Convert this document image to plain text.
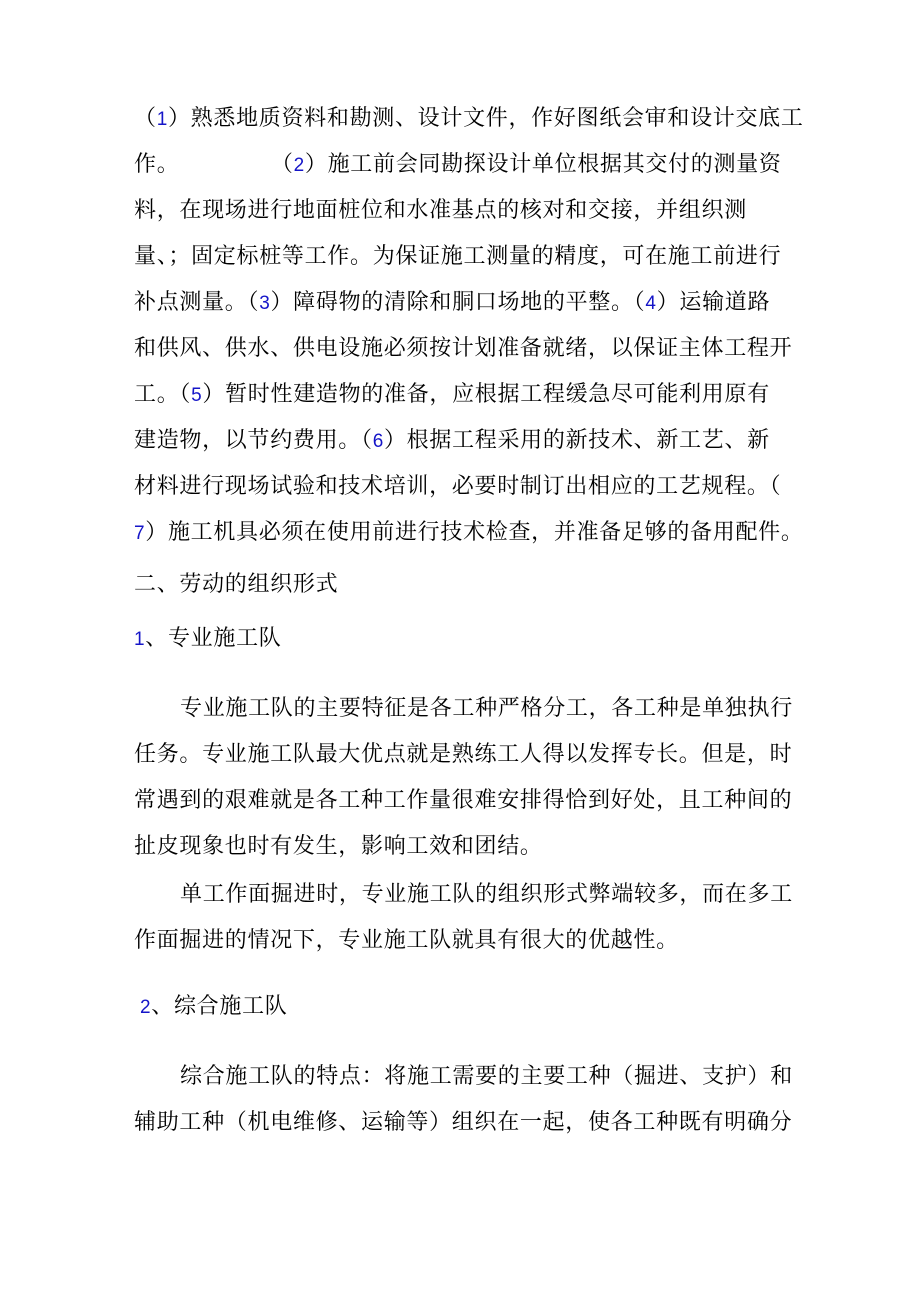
（1）熟悉地质资料和勘测、设计文件，作好图纸会审和设计交底工
作。　　　　　（2）施工前会同勘探设计单位根据其交付的测量资
料，在现场进行地面桩位和水准基点的核对和交接，并组织测
量、；固定标桩等工作。为保证施工测量的精度，可在施工前进行
补点测量。（3）障碍物的清除和胴口场地的平整。（4）运输道路
和供风、供水、供电设施必须按计划准备就绪，以保证主体工程开
工。（5）暂时性建造物的准备，应根据工程缓急尽可能利用原有
建造物，以节约费用。（6）根据工程采用的新技术、新工艺、新
材料进行现场试验和技术培训，必要时制订出相应的工艺规程。（
7）施工机具必须在使用前进行技术检查，并准备足够的备用配件。
二、劳动的组织形式
1、专业施工队
专业施工队的主要特征是各工种严格分工，各工种是单独执行
任务。专业施工队最大优点就是熟练工人得以发挥专长。但是，时
常遇到的艰难就是各工种工作量很难安排得恰到好处，且工种间的
扯皮现象也时有发生，影响工效和团结。
单工作面掘进时，专业施工队的组织形式弊端较多，而在多工
作面掘进的情况下，专业施工队就具有很大的优越性。
2、综合施工队
综合施工队的特点：将施工需要的主要工种（掘进、支护）和
辅助工种（机电维修、运输等）组织在一起，使各工种既有明确分
